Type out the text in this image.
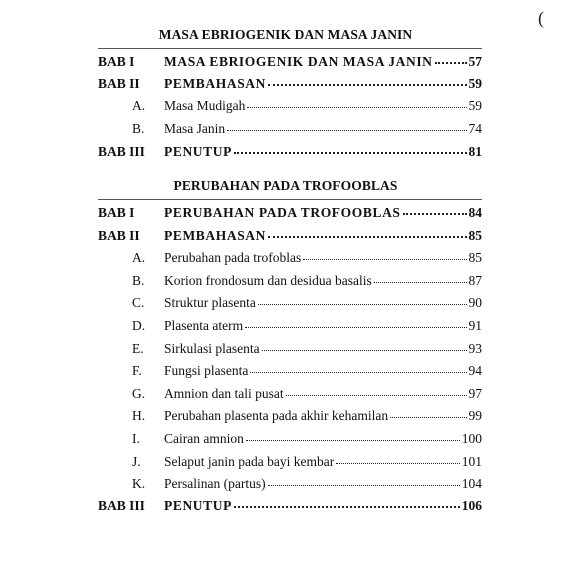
(
MASA EBRIOGENIK DAN MASA JANIN
BAB I MASA EBRIOGENIK DAN MASA JANIN	57
BAB II PEMBAHASAN	59
A. Masa Mudigah	59
B. Masa Janin	74
BAB III PENUTUP	81
PERUBAHAN PADA TROFOOBLAS
BAB I PERUBAHAN PADA TROFOOBLAS	84
BAB II PEMBAHASAN	85
A. Perubahan pada trofoblas	85
B. Korion frondosum dan desidua basalis	87
C. Struktur plasenta	90
D. Plasenta aterm	91
E. Sirkulasi plasenta	93
F. Fungsi plasenta	94
G. Amnion dan tali pusat	97
H. Perubahan plasenta pada akhir kehamilan	99
I. Cairan amnion	100
J. Selaput janin pada bayi kembar	101
K. Persalinan (partus)	104
BAB III PENUTUP	106
